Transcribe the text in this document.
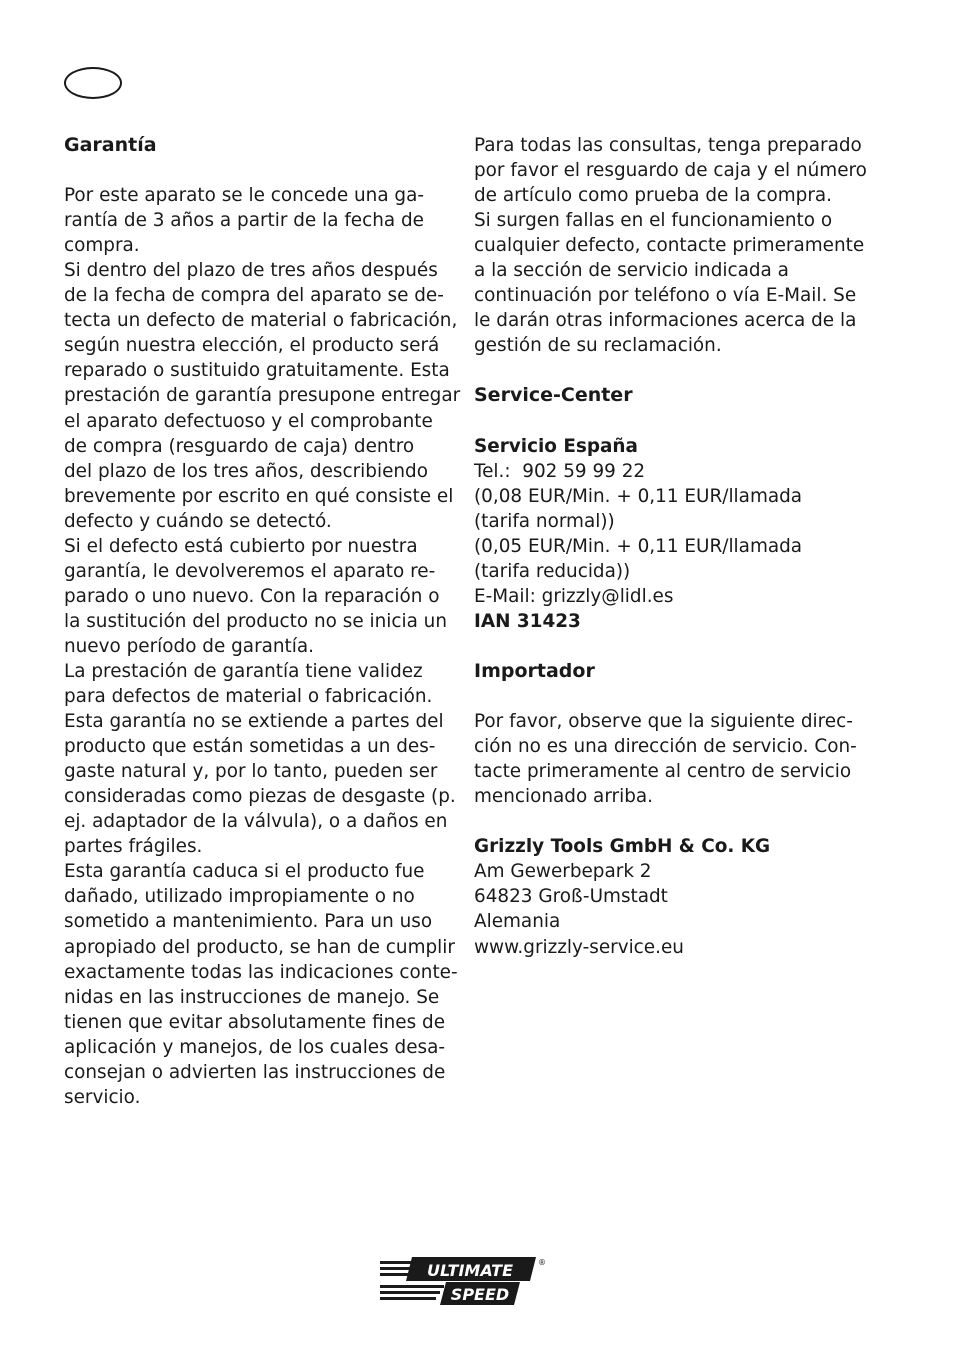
Garantía
Por este aparato se le concede una ga-
rantía de 3 años a partir de la fecha de
compra.
Si dentro del plazo de tres años después
de la fecha de compra del aparato se de-
tecta un defecto de material o fabricación,
según nuestra elección, el producto será
reparado o sustituido gratuitamente. Esta
prestación de garantía presupone entregar
el aparato defectuoso y el comprobante
de compra (resguardo de caja) dentro
del plazo de los tres años, describiendo
brevemente por escrito en qué consiste el
defecto y cuándo se detectó.
Si el defecto está cubierto por nuestra
garantía, le devolveremos el aparato re-
parado o uno nuevo. Con la reparación o
la sustitución del producto no se inicia un
nuevo período de garantía.
La prestación de garantía tiene validez
para defectos de material o fabricación.
Esta garantía no se extiende a partes del
producto que están sometidas a un des-
gaste natural y, por lo tanto, pueden ser
consideradas como piezas de desgaste (p.
ej. adaptador de la válvula), o a daños en
partes frágiles.
Esta garantía caduca si el producto fue
dañado, utilizado impropiamente o no
sometido a mantenimiento. Para un uso
apropiado del producto, se han de cumplir
exactamente todas las indicaciones conte-
nidas en las instrucciones de manejo. Se
tienen que evitar absolutamente fines de
aplicación y manejos, de los cuales desa-
consejan o advierten las instrucciones de
servicio.
Para todas las consultas, tenga preparado
por favor el resguardo de caja y el número
de artículo como prueba de la compra.
Si surgen fallas en el funcionamiento o
cualquier defecto, contacte primeramente
a la sección de servicio indicada a
continuación por teléfono o vía E-Mail. Se
le darán otras informaciones acerca de la
gestión de su reclamación.
Service-Center
Servicio España
Tel.:  902 59 99 22
(0,08 EUR/Min. + 0,11 EUR/llamada
(tarifa normal))
(0,05 EUR/Min. + 0,11 EUR/llamada
(tarifa reducida))
E-Mail: grizzly@lidl.es
IAN 31423
Importador
Por favor, observe que la siguiente direc-
ción no es una dirección de servicio. Con-
tacte primeramente al centro de servicio
mencionado arriba.
Grizzly Tools GmbH & Co. KG
Am Gewerbepark 2
64823 Groß-Umstadt
Alemania
www.grizzly-service.eu
ULTIMATE
SPEED
®
